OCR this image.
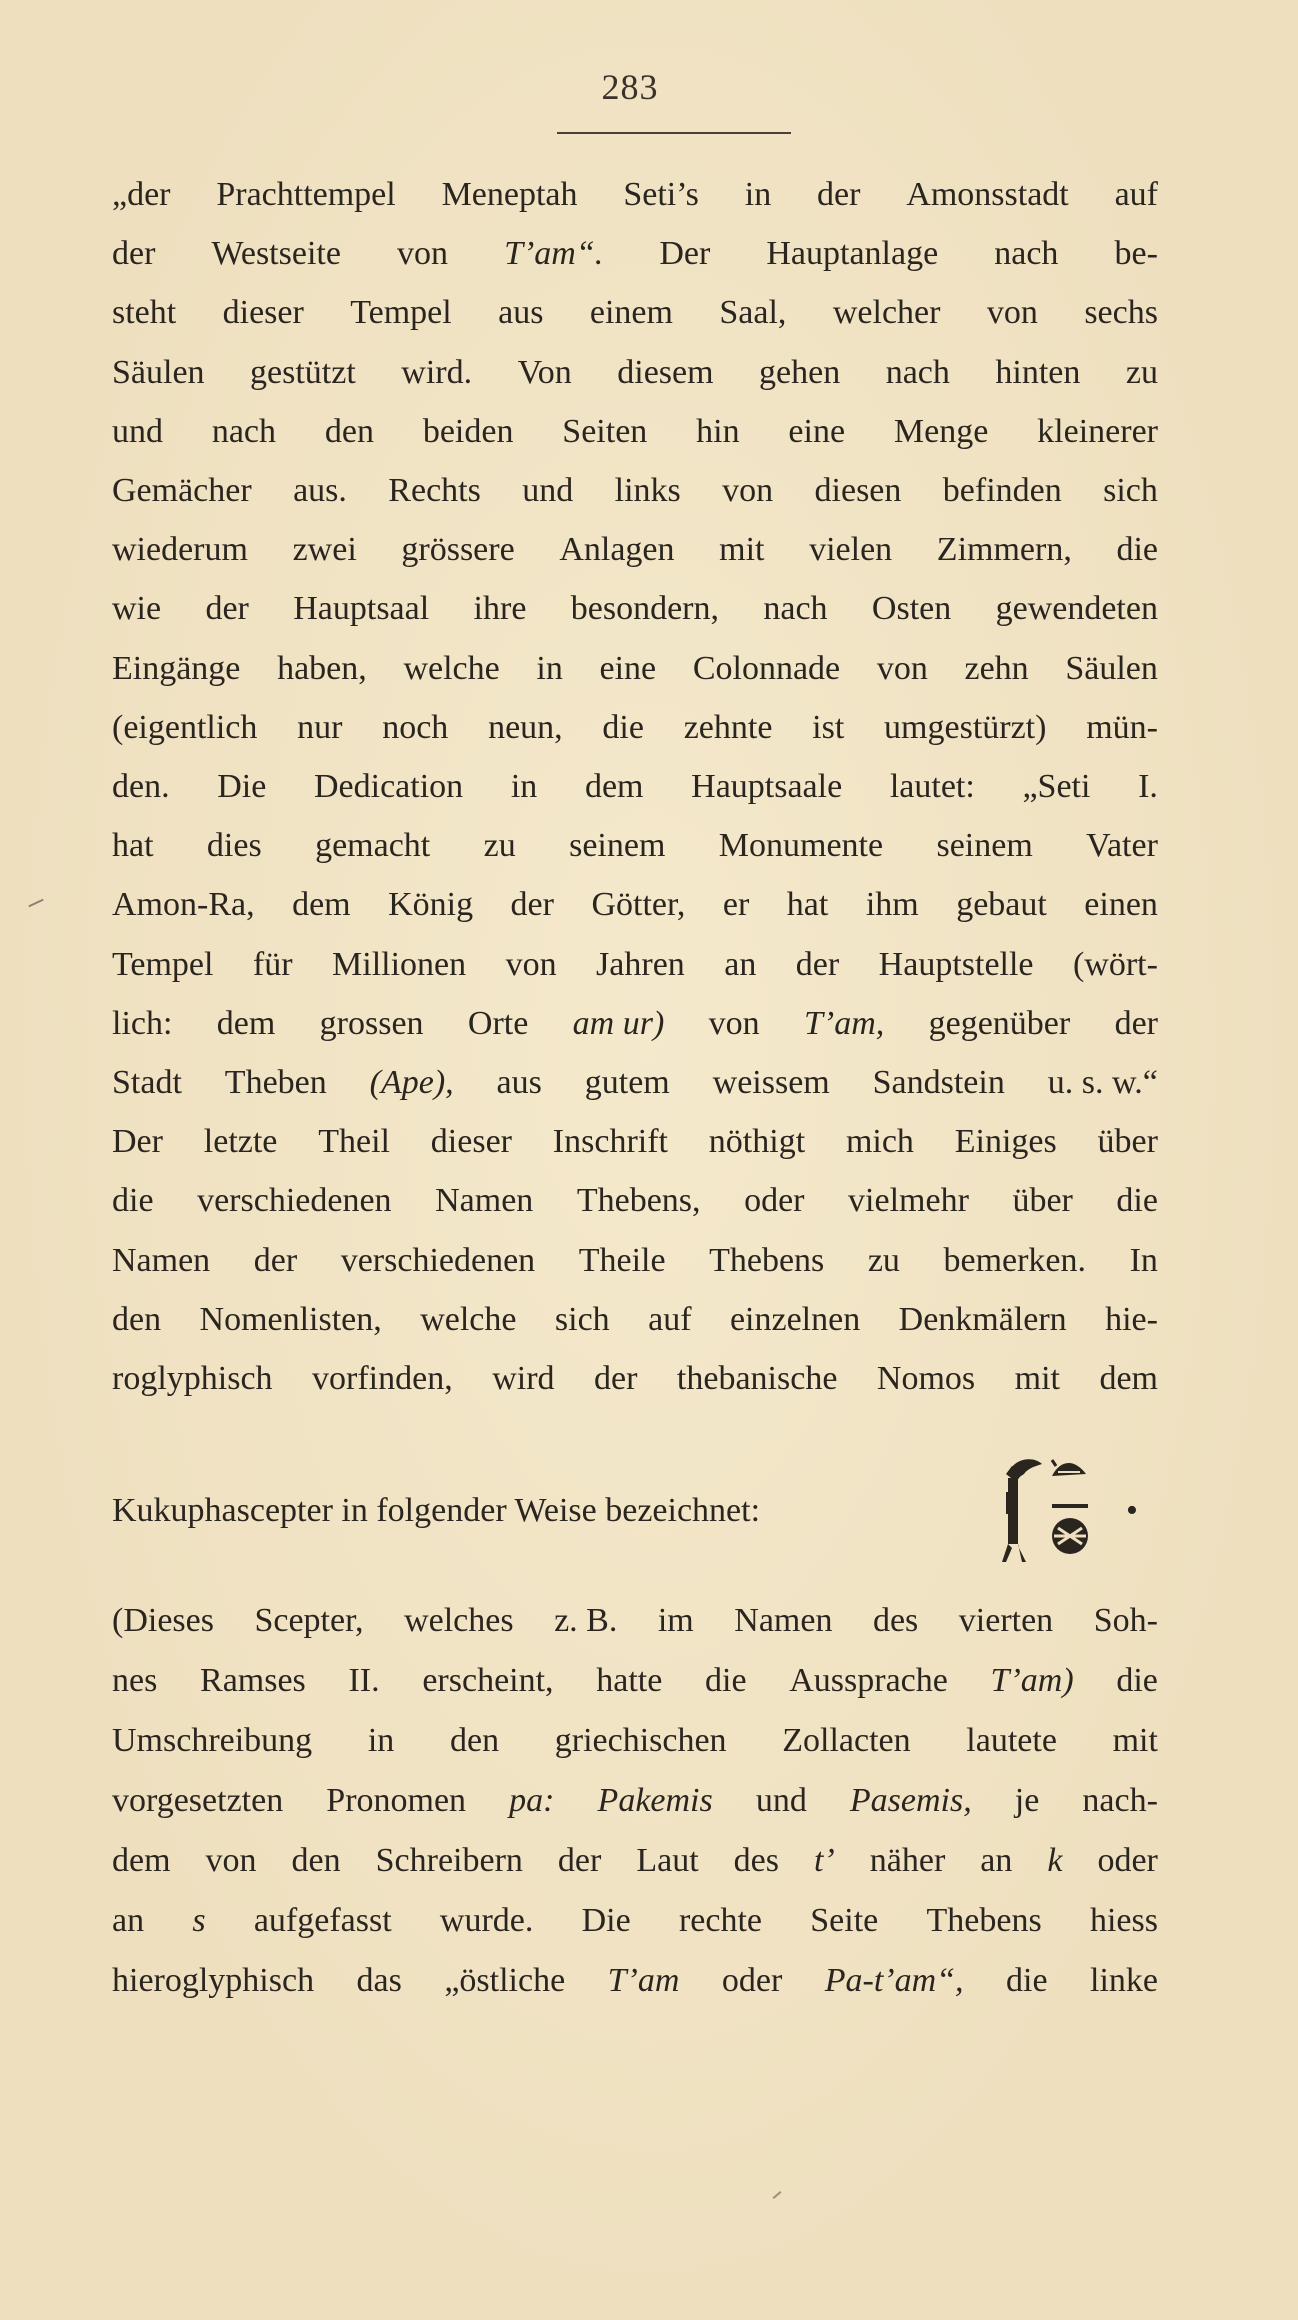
283
„der Prachttempel Meneptah Seti’s in der Amonsstadt auf
der Westseite von T’am“. Der Hauptanlage nach be-
steht dieser Tempel aus einem Saal, welcher von sechs
Säulen gestützt wird. Von diesem gehen nach hinten zu
und nach den beiden Seiten hin eine Menge kleinerer
Gemächer aus. Rechts und links von diesen befinden sich
wiederum zwei grössere Anlagen mit vielen Zimmern, die
wie der Hauptsaal ihre besondern, nach Osten gewendeten
Eingänge haben, welche in eine Colonnade von zehn Säulen
(eigentlich nur noch neun, die zehnte ist umgestürzt) mün-
den. Die Dedication in dem Hauptsaale lautet: „Seti I.
hat dies gemacht zu seinem Monumente seinem Vater
Amon-Ra, dem König der Götter, er hat ihm gebaut einen
Tempel für Millionen von Jahren an der Hauptstelle (wört-
lich: dem grossen Orte am ur) von T’am, gegenüber der
Stadt Theben (Ape), aus gutem weissem Sandstein u. s. w.“
Der letzte Theil dieser Inschrift nöthigt mich Einiges über
die verschiedenen Namen Thebens, oder vielmehr über die
Namen der verschiedenen Theile Thebens zu bemerken. In
den Nomenlisten, welche sich auf einzelnen Denkmälern hie-
roglyphisch vorfinden, wird der thebanische Nomos mit dem
Kukuphascepter in folgender Weise bezeichnet:	•
(Dieses Scepter, welches z. B. im Namen des vierten Soh-
nes Ramses II. erscheint, hatte die Aussprache T’am) die
Umschreibung in den griechischen Zollacten lautete mit
vorgesetzten Pronomen pa: Pakemis und Pasemis, je nach-
dem von den Schreibern der Laut des t’ näher an k oder
an s aufgefasst wurde. Die rechte Seite Thebens hiess
hieroglyphisch das „östliche T’am oder Pa-t’am“, die linke
